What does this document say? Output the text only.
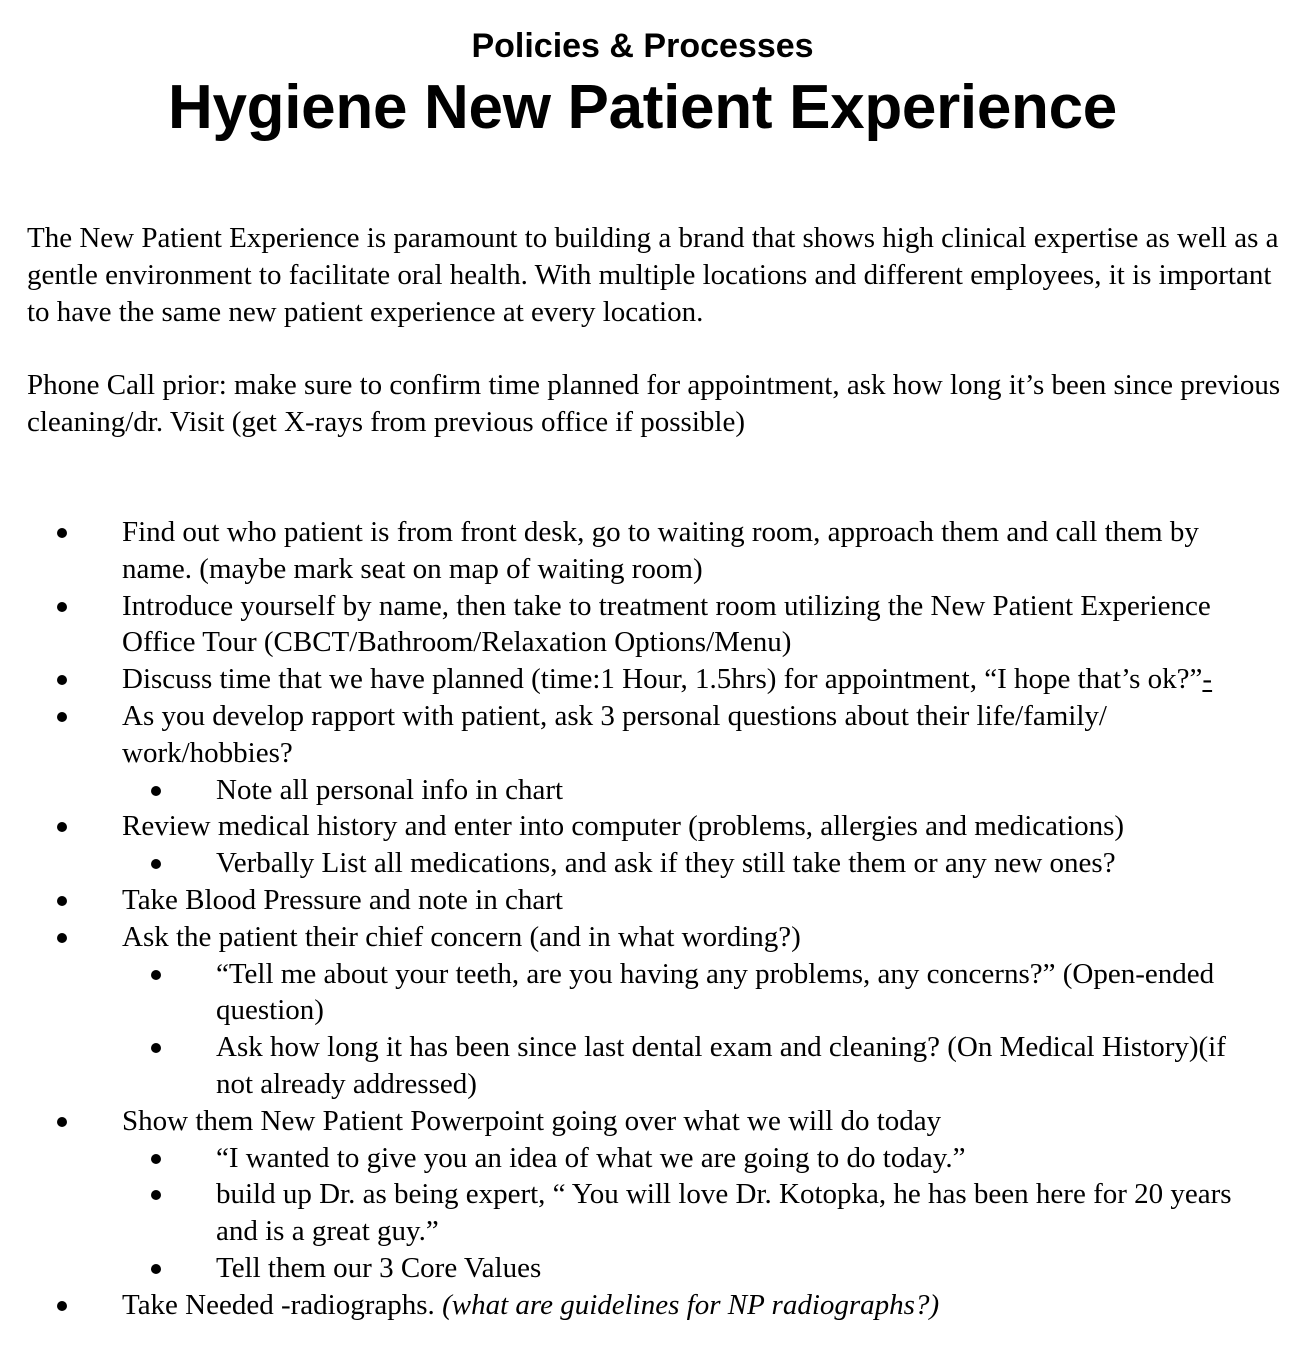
Policies & Processes
Hygiene New Patient Experience

The New Patient Experience is paramount to building a brand that shows high clinical expertise as well as a gentle environment to facilitate oral health. With multiple locations and different employees, it is important to have the same new patient experience at every location.

Phone Call prior: make sure to confirm time planned for appointment, ask how long it’s been since previous cleaning/dr. Visit (get X-rays from previous office if possible)

Find out who patient is from front desk, go to waiting room, approach them and call them by name. (maybe mark seat on map of waiting room)
Introduce yourself by name, then take to treatment room utilizing the New Patient Experience Office Tour (CBCT/Bathroom/Relaxation Options/Menu)
Discuss time that we have planned (time:1 Hour, 1.5hrs) for appointment, “I hope that’s ok?”-
As you develop rapport with patient, ask 3 personal questions about their life/family/ work/hobbies?
Note all personal info in chart
Review medical history and enter into computer (problems, allergies and medications)
Verbally List all medications, and ask if they still take them or any new ones?
Take Blood Pressure and note in chart
Ask the patient their chief concern (and in what wording?)
“Tell me about your teeth, are you having any problems, any concerns?” (Open-ended question)
Ask how long it has been since last dental exam and cleaning? (On Medical History)(if not already addressed)
Show them New Patient Powerpoint going over what we will do today
“I wanted to give you an idea of what we are going to do today.”
build up Dr. as being expert, “ You will love Dr. Kotopka, he has been here for 20 years and is a great guy.”
Tell them our 3 Core Values
Take Needed -radiographs. (what are guidelines for NP radiographs?)
